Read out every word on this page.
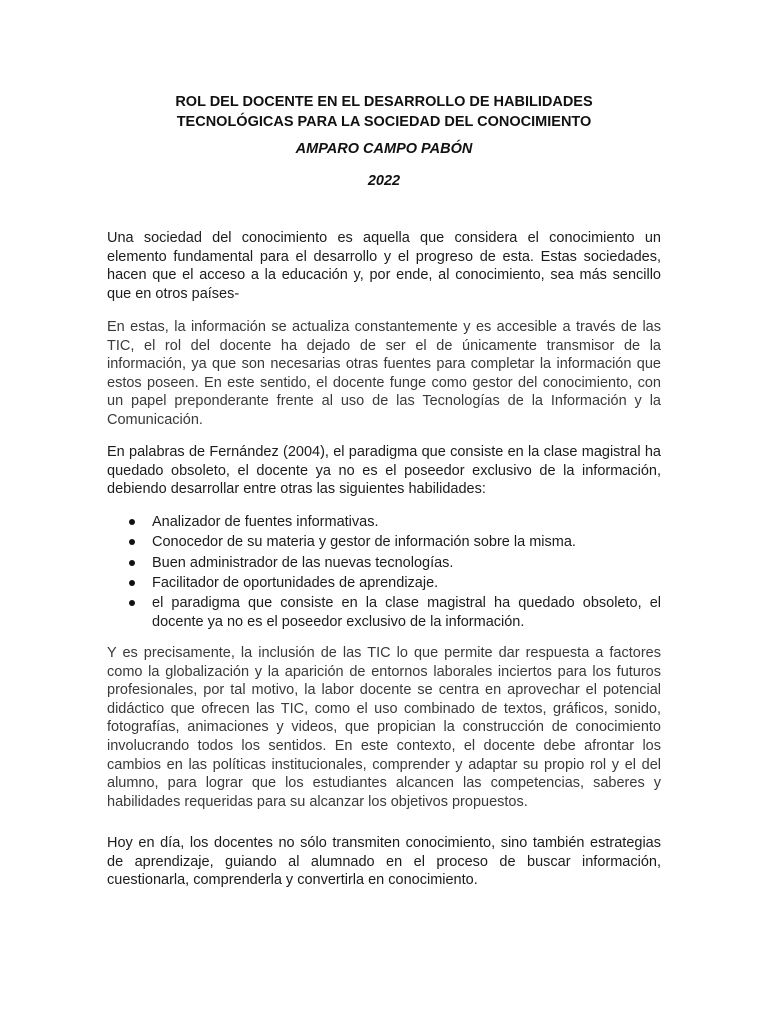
ROL DEL DOCENTE EN EL DESARROLLO DE HABILIDADES
TECNOLÓGICAS PARA LA SOCIEDAD DEL CONOCIMIENTO
AMPARO CAMPO PABÓN
2022

Una sociedad del conocimiento es aquella que considera el conocimiento un elemento fundamental para el desarrollo y el progreso de esta. Estas sociedades, hacen que el acceso a la educación y, por ende, al conocimiento, sea más sencillo que en otros países-

En estas, la información se actualiza constantemente y es accesible a través de las TIC, el rol del docente ha dejado de ser el de únicamente transmisor de la información, ya que son necesarias otras fuentes para completar la información que estos poseen. En este sentido, el docente funge como gestor del conocimiento, con un papel preponderante frente al uso de las Tecnologías de la Información y la Comunicación.

En palabras de Fernández (2004), el paradigma que consiste en la clase magistral ha quedado obsoleto, el docente ya no es el poseedor exclusivo de la información, debiendo desarrollar entre otras las siguientes habilidades:

Analizador de fuentes informativas.
Conocedor de su materia y gestor de información sobre la misma.
Buen administrador de las nuevas tecnologías.
Facilitador de oportunidades de aprendizaje.
el paradigma que consiste en la clase magistral ha quedado obsoleto, el docente ya no es el poseedor exclusivo de la información.

Y es precisamente, la inclusión de las TIC lo que permite dar respuesta a factores como la globalización y la aparición de entornos laborales inciertos para los futuros profesionales, por tal motivo, la labor docente se centra en aprovechar el potencial didáctico que ofrecen las TIC, como el uso combinado de textos, gráficos, sonido, fotografías, animaciones y videos, que propician la construcción de conocimiento involucrando todos los sentidos. En este contexto, el docente debe afrontar los cambios en las políticas institucionales, comprender y adaptar su propio rol y el del alumno, para lograr que los estudiantes alcancen las competencias, saberes y habilidades requeridas para su alcanzar los objetivos propuestos.

Hoy en día, los docentes no sólo transmiten conocimiento, sino también estrategias de aprendizaje, guiando al alumnado en el proceso de buscar información, cuestionarla, comprenderla y convertirla en conocimiento.
